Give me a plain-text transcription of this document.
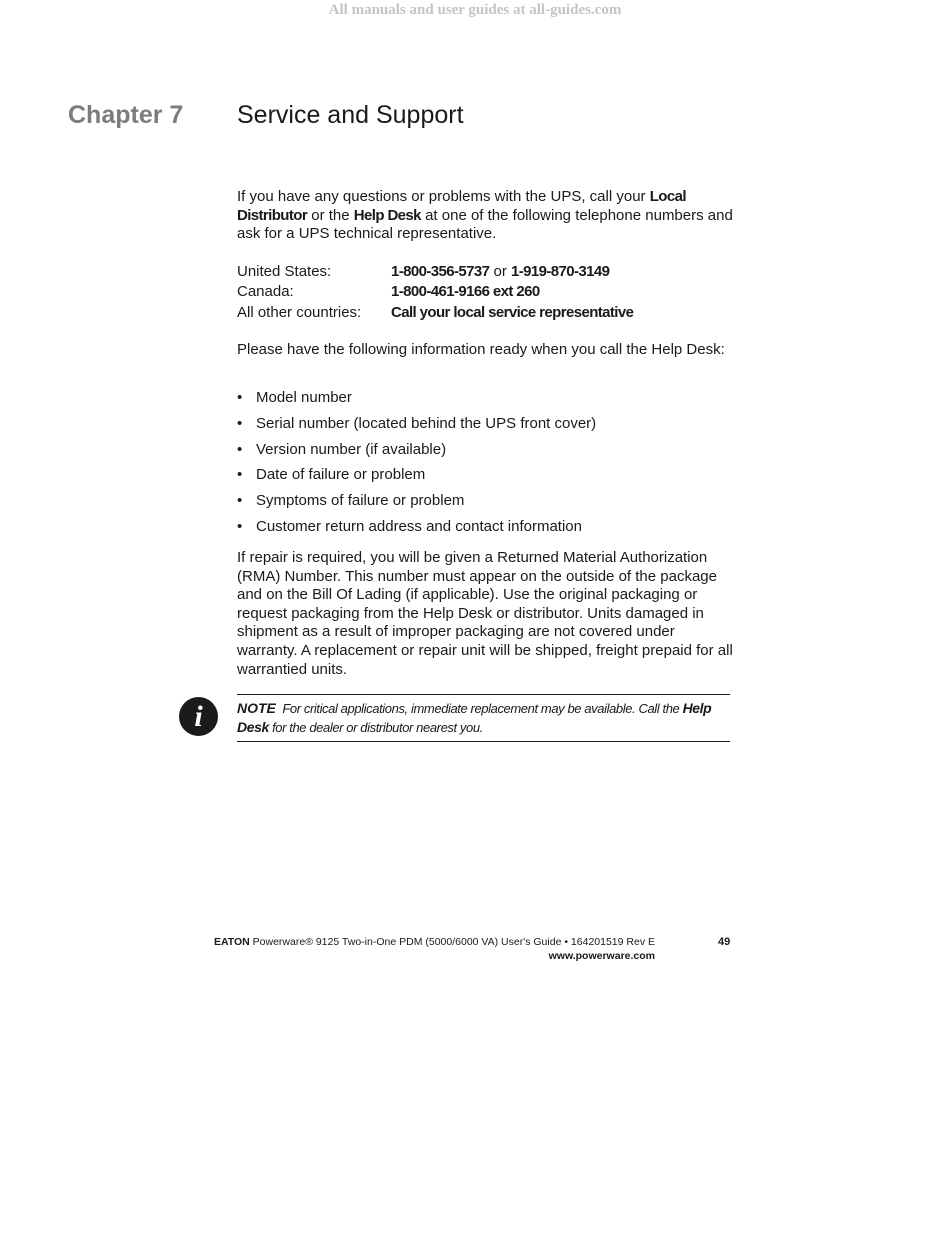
All manuals and user guides at all-guides.com
Chapter 7 Service and Support
If you have any questions or problems with the UPS, call your Local Distributor or the Help Desk at one of the following telephone numbers and ask for a UPS technical representative.
United States:	1-800-356-5737 or 1-919-870-3149
Canada:	1-800-461-9166 ext 260
All other countries:	Call your local service representative
Please have the following information ready when you call the Help Desk:
• Model number
• Serial number (located behind the UPS front cover)
• Version number (if available)
• Date of failure or problem
• Symptoms of failure or problem
• Customer return address and contact information
If repair is required, you will be given a Returned Material Authorization (RMA) Number. This number must appear on the outside of the package and on the Bill Of Lading (if applicable). Use the original packaging or request packaging from the Help Desk or distributor. Units damaged in shipment as a result of improper packaging are not covered under warranty. A replacement or repair unit will be shipped, freight prepaid for all warrantied units.
i	NOTE For critical applications, immediate replacement may be available. Call the Help Desk for the dealer or distributor nearest you.
EATON Powerware® 9125 Two-in-One PDM (5000/6000 VA) User's Guide • 164201519 Rev E
www.powerware.com
49
